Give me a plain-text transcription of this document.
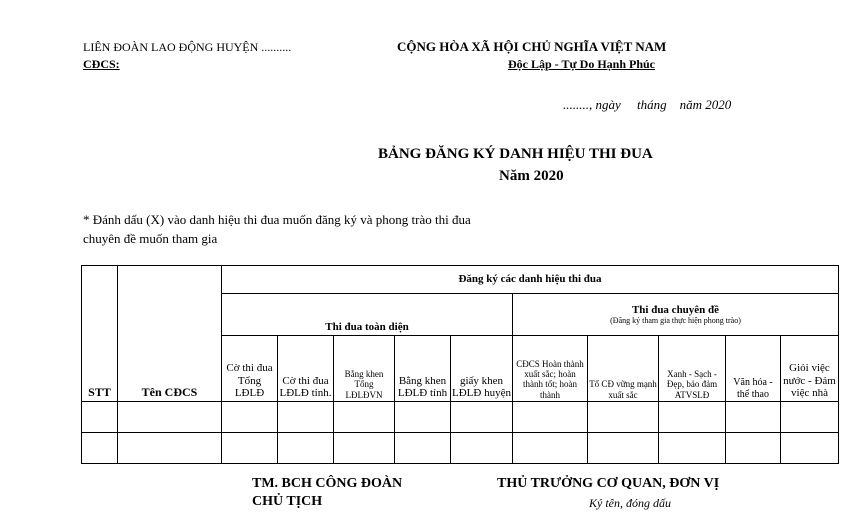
LIÊN ĐOÀN LAO ĐỘNG HUYỆN ..........
CĐCS:
CỘNG HÒA XÃ HỘI CHỦ NGHĨA VIỆT NAM
Độc Lập - Tự Do Hạnh Phúc
........, ngày     tháng    năm 2020
BẢNG ĐĂNG KÝ DANH HIỆU THI ĐUA
Năm 2020
* Đánh dấu (X) vào danh hiệu thi đua muốn đăng ký và phong trào thi đua
chuyên đề muốn tham gia
STT	Tên CĐCS	Đăng ký các danh hiệu thi đua									
		Thi đua toàn diện					Thi đua chuyên đề
(Đăng ký tham gia thực hiện phong trào)				

		Cờ thi đua Tổng LĐLĐ	Cờ thi đua LĐLĐ tỉnh.	Bằng khen Tổng LĐLĐVN	Bằng khen LĐLĐ tỉnh	giấy khen LĐLĐ huyện	CĐCS Hoàn thành xuất sắc; hoàn thành tốt; hoàn thành	Tổ CĐ vững mạnh xuất sắc	Xanh - Sạch - Đẹp, bảo đảm ATVSLĐ	Văn hóa - thể thao	Giỏi việc nước - Đảm việc nhà

TM. BCH CÔNG ĐOÀN
CHỦ TỊCH
THỦ TRƯỞNG CƠ QUAN, ĐƠN VỊ
Ký tên, đóng dấu
